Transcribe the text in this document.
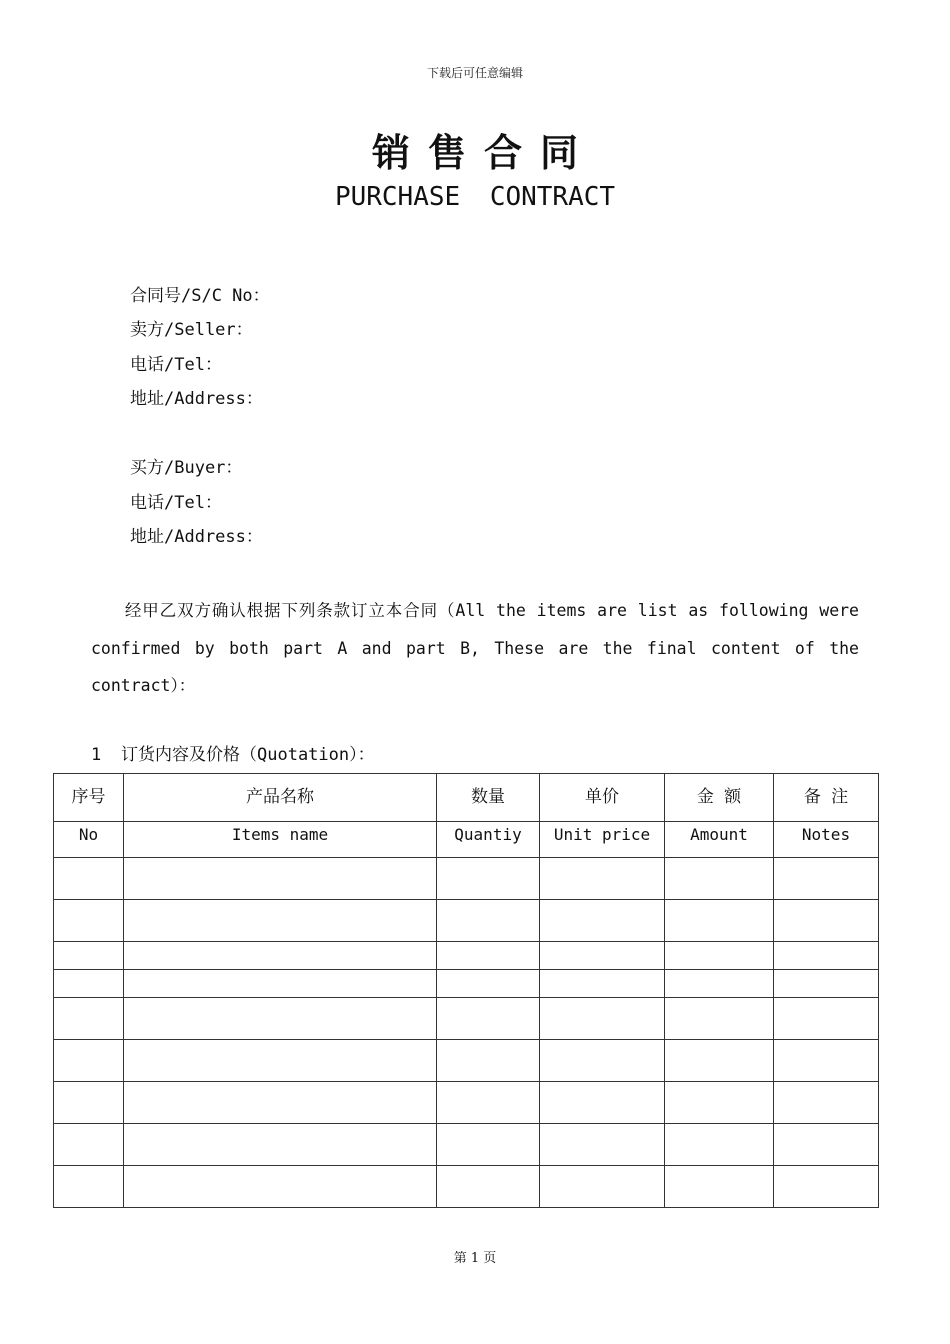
下载后可任意编辑
销售合同
PURCHASE CONTRACT
合同号/S/C No：
卖方/Seller：
电话/Tel：
地址/Address：
买方/Buyer：
电话/Tel：
地址/Address：
经甲乙双方确认根据下列条款订立本合同（All the items are list as following were confirmed by both part A and part B, These are the final content of the contract）：
1 订货内容及价格（Quotation）：
序号	产品名称	数量	单价	金 额	备 注
No	Items name	Quantiy	Unit price	Amount	Notes

第 1 页
